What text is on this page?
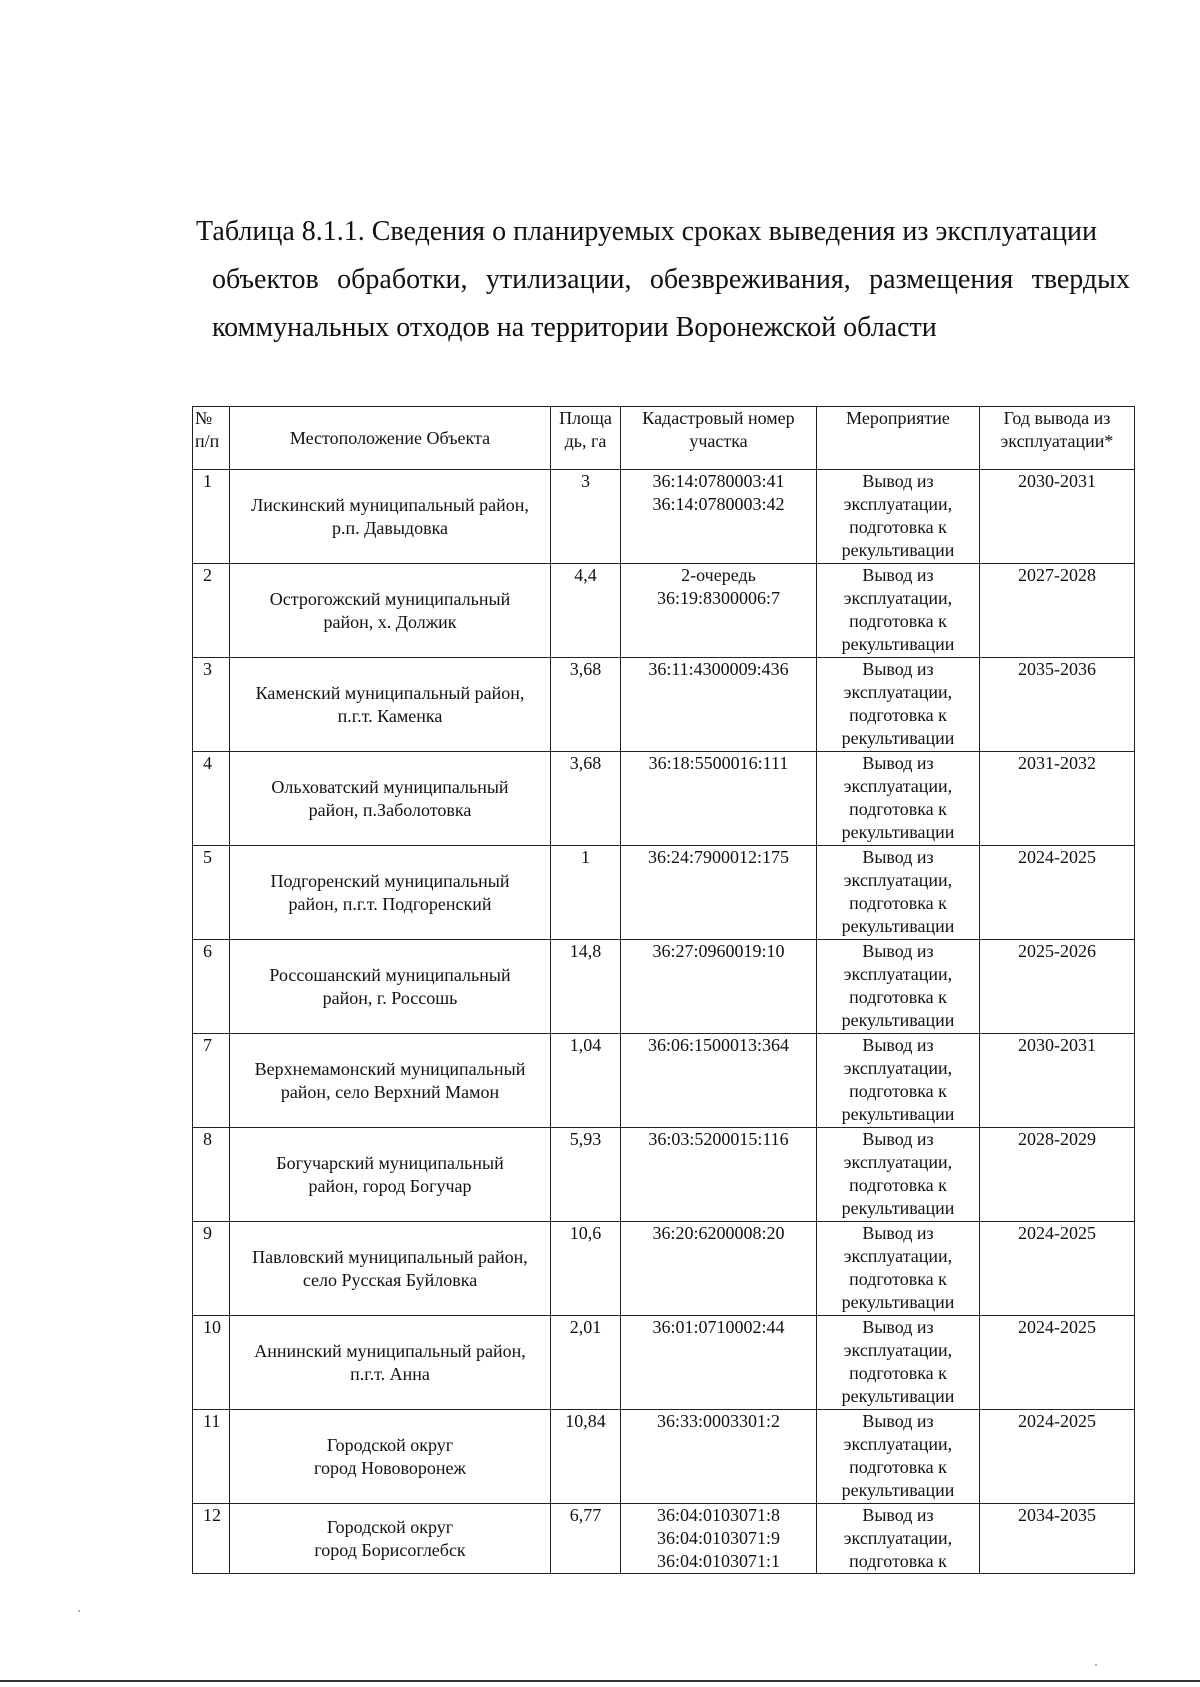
Таблица 8.1.1. Сведения о планируемых сроках выведения из эксплуатации
объектов обработки, утилизации, обезвреживания, размещения твердых
коммунальных отходов на территории Воронежской области
№
п/п	Местоположение Объекта	Площа
дь, га	Кадастровый номер
участка	Мероприятие	Год вывода из
эксплуатации*

1	Лискинский муниципальный район,
р.п. Давыдовка	3	36:14:0780003:41
36:14:0780003:42	Вывод из
эксплуатации,
подготовка к
рекультивации	2030-2031
2	Острогожский муниципальный
район, х. Должик	4,4	2-очередь
36:19:8300006:7	Вывод из
эксплуатации,
подготовка к
рекультивации	2027-2028
3	Каменский муниципальный район,
п.г.т. Каменка	3,68	36:11:4300009:436	Вывод из
эксплуатации,
подготовка к
рекультивации	2035-2036
4	Ольховатский муниципальный
район, п.Заболотовка	3,68	36:18:5500016:111	Вывод из
эксплуатации,
подготовка к
рекультивации	2031-2032
5	Подгоренский муниципальный
район, п.г.т. Подгоренский	1	36:24:7900012:175	Вывод из
эксплуатации,
подготовка к
рекультивации	2024-2025
6	Россошанский муниципальный
район, г. Россошь	14,8	36:27:0960019:10	Вывод из
эксплуатации,
подготовка к
рекультивации	2025-2026
7	Верхнемамонский муниципальный
район, село Верхний Мамон	1,04	36:06:1500013:364	Вывод из
эксплуатации,
подготовка к
рекультивации	2030-2031
8	Богучарский муниципальный
район, город Богучар	5,93	36:03:5200015:116	Вывод из
эксплуатации,
подготовка к
рекультивации	2028-2029
9	Павловский муниципальный район,
село Русская Буйловка	10,6	36:20:6200008:20	Вывод из
эксплуатации,
подготовка к
рекультивации	2024-2025
10	Аннинский муниципальный район,
п.г.т. Анна	2,01	36:01:0710002:44	Вывод из
эксплуатации,
подготовка к
рекультивации	2024-2025
11	Городской округ
город Нововоронеж	10,84	36:33:0003301:2	Вывод из
эксплуатации,
подготовка к
рекультивации	2024-2025
12	Городской округ
город Борисоглебск	6,77	36:04:0103071:8
36:04:0103071:9
36:04:0103071:1	Вывод из
эксплуатации,
подготовка к	2034-2035
